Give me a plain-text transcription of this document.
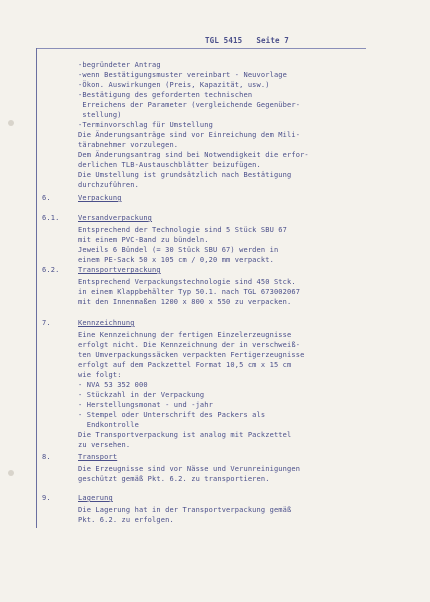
TGL 5415   Seite 7
-begründeter Antrag
-wenn Bestätigungsmuster vereinbart - Neuvorlage
-Ökon. Auswirkungen (Preis, Kapazität, usw.)
-Bestätigung des geforderten technischen
Erreichens der Parameter (vergleichende Gegenüber-
stellung)
-Terminvorschlag für Umstellung
Die Änderungsanträge sind vor Einreichung dem Mili-
tärabnehmer vorzulegen.
Dem Änderungsantrag sind bei Notwendigkeit die erfor-
derlichen TLB-Austauschblätter beizufügen.
Die Umstellung ist grundsätzlich nach Bestätigung
durchzuführen.
6.	Verpackung
6.1.	Versandverpackung
Entsprechend der Technologie sind 5 Stück SBU 67
mit einem PVC-Band zu bündeln.
Jeweils 6 Bündel (= 30 Stück SBU 67) werden in
einem PE-Sack 50 x 105 cm / 0,20 mm verpackt.
6.2.	Transportverpackung
Entsprechend Verpackungstechnologie sind 450 Stck.
in einem Klappbehälter Typ 50.1. nach TGL 673002067
mit den Innenmaßen 1200 x 800 x 550 zu verpacken.
7.	Kennzeichnung
Eine Kennzeichnung der fertigen Einzelerzeugnisse
erfolgt nicht. Die Kennzeichnung der in verschweiß-
ten Umverpackungssäcken verpackten Fertigerzeugnisse
erfolgt auf dem Packzettel Format 10,5 cm x 15 cm
wie folgt:
- NVA 53 352 000
- Stückzahl in der Verpackung
- Herstellungsmonat - und -jahr
- Stempel oder Unterschrift des Packers als
Endkontrolle
Die Transportverpackung ist analog mit Packzettel
zu versehen.
8.	Transport
Die Erzeugnisse sind vor Nässe und Verunreinigungen
geschützt gemäß Pkt. 6.2. zu transportieren.
9.	Lagerung
Die Lagerung hat in der Transportverpackung gemäß
Pkt. 6.2. zu erfolgen.
